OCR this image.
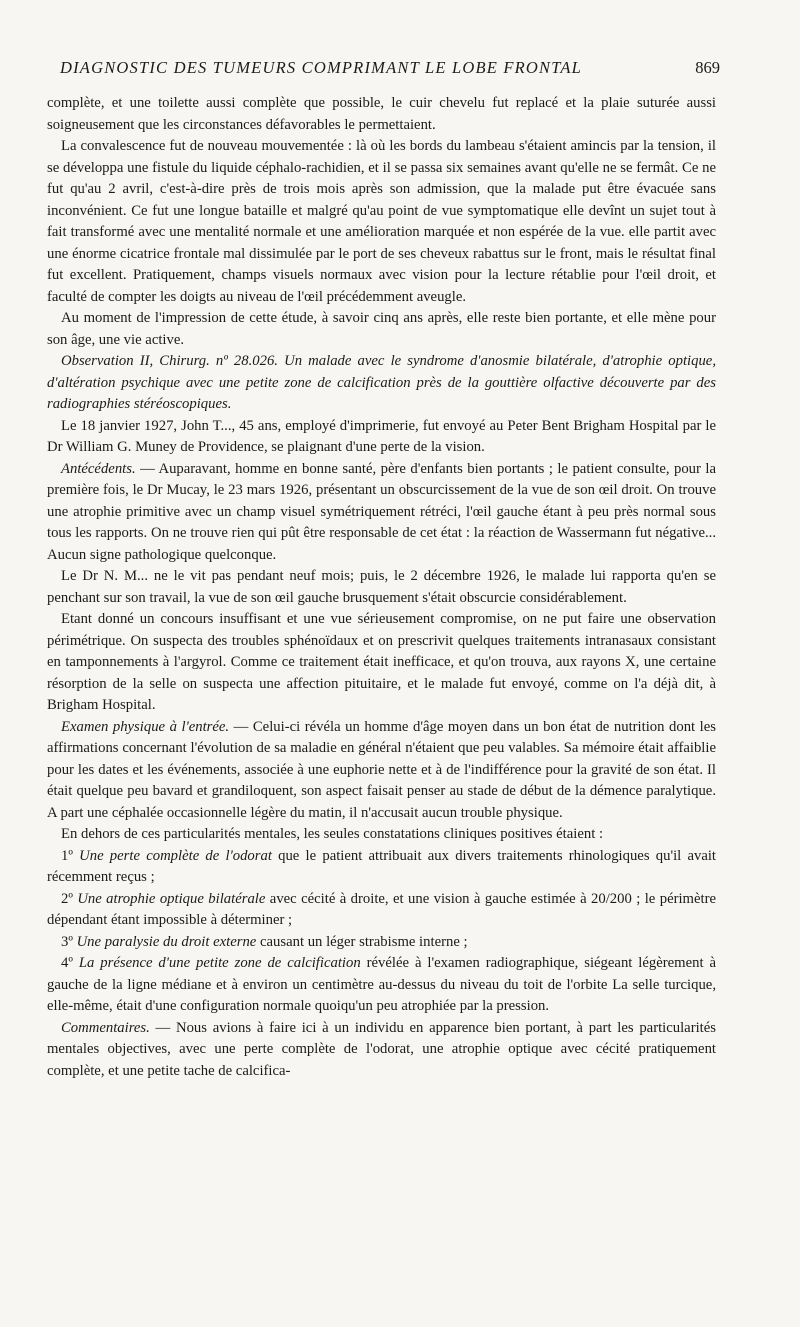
DIAGNOSTIC DES TUMEURS COMPRIMANT LE LOBE FRONTAL	869

complète, et une toilette aussi complète que possible, le cuir chevelu fut replacé et la plaie suturée aussi soigneusement que les circonstances défavorables le permettaient.

La convalescence fut de nouveau mouvementée : là où les bords du lambeau s'étaient amincis par la tension, il se développa une fistule du liquide céphalo-rachidien, et il se passa six semaines avant qu'elle ne se fermât. Ce ne fut qu'au 2 avril, c'est-à-dire près de trois mois après son admission, que la malade put être évacuée sans inconvénient. Ce fut une longue bataille et malgré qu'au point de vue symptomatique elle devînt un sujet tout à fait transformé avec une mentalité normale et une amélioration marquée et non espérée de la vue. elle partit avec une énorme cicatrice frontale mal dissimulée par le port de ses cheveux rabattus sur le front, mais le résultat final fut excellent. Pratiquement, champs visuels normaux avec vision pour la lecture rétablie pour l'œil droit, et faculté de compter les doigts au niveau de l'œil précédemment aveugle.

Au moment de l'impression de cette étude, à savoir cinq ans après, elle reste bien portante, et elle mène pour son âge, une vie active.

Observation II, Chirurg. nº 28.026. Un malade avec le syndrome d'anosmie bilatérale, d'atrophie optique, d'altération psychique avec une petite zone de calcification près de la gouttière olfactive découverte par des radiographies stéréoscopiques.

Le 18 janvier 1927, John T..., 45 ans, employé d'imprimerie, fut envoyé au Peter Bent Brigham Hospital par le Dr William G. Muney de Providence, se plaignant d'une perte de la vision.

Antécédents. — Auparavant, homme en bonne santé, père d'enfants bien portants ; le patient consulte, pour la première fois, le Dr Mucay, le 23 mars 1926, présentant un obscurcissement de la vue de son œil droit. On trouve une atrophie primitive avec un champ visuel symétriquement rétréci, l'œil gauche étant à peu près normal sous tous les rapports. On ne trouve rien qui pût être responsable de cet état : la réaction de Wassermann fut négative... Aucun signe pathologique quelconque.

Le Dr N. M... ne le vit pas pendant neuf mois; puis, le 2 décembre 1926, le malade lui rapporta qu'en se penchant sur son travail, la vue de son œil gauche brusquement s'était obscurcie considérablement.

Etant donné un concours insuffisant et une vue sérieusement compromise, on ne put faire une observation périmétrique. On suspecta des troubles sphénoïdaux et on prescrivit quelques traitements intranasaux consistant en tamponnements à l'argyrol. Comme ce traitement était inefficace, et qu'on trouva, aux rayons X, une certaine résorption de la selle on suspecta une affection pituitaire, et le malade fut envoyé, comme on l'a déjà dit, à Brigham Hospital.

Examen physique à l'entrée. — Celui-ci révéla un homme d'âge moyen dans un bon état de nutrition dont les affirmations concernant l'évolution de sa maladie en général n'étaient que peu valables. Sa mémoire était affaiblie pour les dates et les événements, associée à une euphorie nette et à de l'indifférence pour la gravité de son état. Il était quelque peu bavard et grandiloquent, son aspect faisait penser au stade de début de la démence paralytique. A part une céphalée occasionnelle légère du matin, il n'accusait aucun trouble physique.

En dehors de ces particularités mentales, les seules constatations cliniques positives étaient :

1º Une perte complète de l'odorat que le patient attribuait aux divers traitements rhinologiques qu'il avait récemment reçus ;

2º Une atrophie optique bilatérale avec cécité à droite, et une vision à gauche estimée à 20/200 ; le périmètre dépendant étant impossible à déterminer ;

3º Une paralysie du droit externe causant un léger strabisme interne ;

4º La présence d'une petite zone de calcification révélée à l'examen radiographique, siégeant légèrement à gauche de la ligne médiane et à environ un centimètre au-dessus du niveau du toit de l'orbite La selle turcique, elle-même, était d'une configuration normale quoiqu'un peu atrophiée par la pression.

Commentaires. — Nous avions à faire ici à un individu en apparence bien portant, à part les particularités mentales objectives, avec une perte complète de l'odorat, une atrophie optique avec cécité pratiquement complète, et une petite tache de calcifica-
